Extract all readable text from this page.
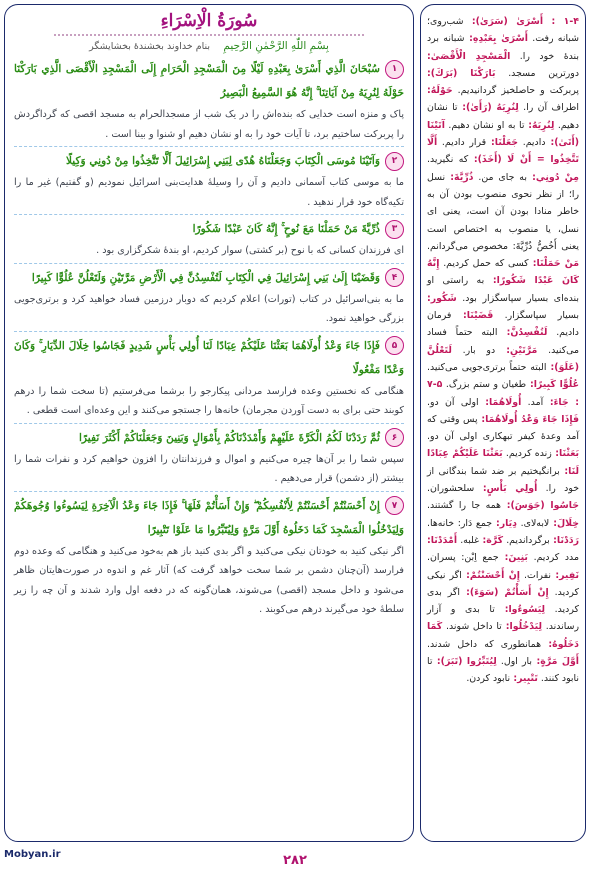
سُورَةُ الْاِسْرَاءِ
بِسْمِ اللّٰهِ الرَّحْمٰنِ الرَّحِيمِ بنام خداوند بخشندهٔ بخشایشگر
۱سُبْحَانَ الَّذِي أَسْرَىٰ بِعَبْدِهِ لَيْلًا مِنَ الْمَسْجِدِ الْحَرَامِ إِلَى الْمَسْجِدِ الْأَقْصَى الَّذِي بَارَكْنَا حَوْلَهُ لِنُرِيَهُ مِنْ آيَاتِنَا ۚ إِنَّهُ هُوَ السَّمِيعُ الْبَصِيرُ
پاک و منزه است خدایی که بنده‌اش را در یک شب از مسجدالحرام به مسجد اقصی که گرداگردش را پربرکت ساختیم برد، تا آیات خود را به او نشان دهیم او شنوا و بینا است .
۲وَآتَيْنَا مُوسَى الْكِتَابَ وَجَعَلْنَاهُ هُدًى لِبَنِي إِسْرَائِيلَ أَلَّا تَتَّخِذُوا مِنْ دُونِي وَكِيلًا
ما به موسی کتاب آسمانی دادیم و آن را وسیلهٔ هدایت‌بنی اسرائیل نمودیم (و گفتیم) غیر ما را تکیه‌گاه خود قرار ندهید .
۳ذُرِّيَّةَ مَنْ حَمَلْنَا مَعَ نُوحٍ ۚ إِنَّهُ كَانَ عَبْدًا شَكُورًا
ای فرزندان کسانی که با نوح (بر کشتی) سوار کردیم، او بندهٔ شکرگزاری بود .
۴وَقَضَيْنَا إِلَىٰ بَنِي إِسْرَائِيلَ فِي الْكِتَابِ لَتُفْسِدُنَّ فِي الْأَرْضِ مَرَّتَيْنِ وَلَتَعْلُنَّ عُلُوًّا كَبِيرًا
ما به بنی‌اسرائیل در کتاب (تورات) اعلام کردیم که دوبار درزمین فساد خواهید کرد و برتری‌جویی بزرگی خواهید نمود.
۵فَإِذَا جَاءَ وَعْدُ أُولَاهُمَا بَعَثْنَا عَلَيْكُمْ عِبَادًا لَنَا أُولِي بَأْسٍ شَدِيدٍ فَجَاسُوا خِلَالَ الدِّيَارِ ۚ وَكَانَ وَعْدًا مَفْعُولًا
هنگامی که نخستین وعده فرارسد مردانی پیکارجو را برشما می‌فرستیم (تا سخت شما را درهم کوبند حتی برای به دست آوردن مجرمان) خانه‌ها را جستجو می‌کنند و این وعده‌ای است قطعی .
۶ثُمَّ رَدَدْنَا لَكُمُ الْكَرَّةَ عَلَيْهِمْ وَأَمْدَدْنَاكُمْ بِأَمْوَالٍ وَبَنِينَ وَجَعَلْنَاكُمْ أَكْثَرَ نَفِيرًا
سپس شما را بر آن‌ها چیره می‌کنیم و اموال و فرزندانتان را افزون خواهیم کرد و نفرات شما را بیشتر (از دشمن) قرار می‌دهیم .
۷إِنْ أَحْسَنْتُمْ أَحْسَنْتُمْ لِأَنْفُسِكُمْ ۖ وَإِنْ أَسَأْتُمْ فَلَهَا ۚ فَإِذَا جَاءَ وَعْدُ الْآخِرَةِ لِيَسُوءُوا وُجُوهَكُمْ وَلِيَدْخُلُوا الْمَسْجِدَ كَمَا دَخَلُوهُ أَوَّلَ مَرَّةٍ وَلِيُتَبِّرُوا مَا عَلَوْا تَتْبِيرًا
اگر نیکی کنید به خودتان نیکی می‌کنید و اگر بدی کنید باز هم به‌خود می‌کنید و هنگامی که وعده دوم فرارسد (آن‌چنان دشمن بر شما سخت خواهد گرفت که) آثار غم و اندوه در صورت‌هایتان ظاهر می‌شود و داخل مسجد (اقصی) می‌شوند، همان‌گونه که در دفعه اول وارد شدند و آن چه را زیر سلطهٔ خود می‌گیرند درهم می‌کوبند .
۱-۴ : أَسْرَىٰ (سَرَىٰ): شب‌روی؛ شبانه رفت. أَسْرَىٰ بِعَبْدِهِ: شبانه برد بندهٔ خود را. الْمَسْجِدِ الْأَقْصَىٰ: دورترین مسجد. بَارَكْنَا (بَرَكَ): پربرکت و حاصلخیز گردانیدیم. حَوْلَهُ: اطراف آن را. لِنُرِيَهُ (رَأَىٰ): تا نشان دهیم. لِنُرِيَهُ: تا به او نشان دهیم. آتَيْنَا (أَتَىٰ): دادیم. جَعَلْنَا: قرار دادیم. أَلَّا تَتَّخِذُوا = أَنْ لَا (أَخَذَ): که نگیرید. مِنْ دُونِي: به جای من. ذُرِّيَّةَ: نسل را؛ از نظر نحوی منصوب بودن آن به خاطر منادا بودن آن است، یعنی ای نسل، یا منصوب به اختصاص است یعنی أَخُصُّ ذُرِّيَّةَ: مخصوص می‌گردانم. مَنْ حَمَلْنَا: کسی که حمل کردیم. إِنَّهُ كَانَ عَبْدًا شَكُورًا: به راستی او بنده‌ای بسیار سپاسگزار بود. شَكُور: بسیار سپاسگزار. قَضَيْنَا: فرمان دادیم. لَتُفْسِدُنَّ: البته حتماً فساد می‌کنید. مَرَّتَيْنِ: دو بار. لَتَعْلُنَّ (عَلَوَ): البته حتماً برتری‌جویی می‌کنید. عُلُوًّا كَبِيرًا: طغیان و ستم بزرگ. ۵-۷ : جَاءَ: آمد. أُولَاهُمَا: اولی آن دو. فَإِذَا جَاءَ وَعْدُ أُولَاهُمَا: پس وقتی که آمد وعدهٔ کیفر تبهکاری اولی آن دو. بَعَثْنَا: زنده کردیم. بَعَثْنَا عَلَيْكُمْ عِبَادًا لَنَا: برانگیختیم بر ضد شما بندگانی از خود را. أُولِي بَأْسٍ: سلحشوران. جَاسُوا (جَوَسَ): همه جا را گشتند. خِلَالَ: لابه‌لای. دِيَار: جمع دَار: خانه‌ها. رَدَدْنَا: برگرداندیم. كَرَّة: غلبه. أَمْدَدْنَا: مدد کردیم. بَنِينَ: جمع اِبْن: پسران. نَفِير: نفرات. إِنْ أَحْسَنْتُمْ: اگر نیکی کردید. إِنْ أَسَأْتُمْ (سَوَءَ): اگر بدی کردید. لِيَسُوءُوا: تا بدی و آزار رساندند. لِيَدْخُلُوا: تا داخل شوند. كَمَا دَخَلُوهُ: همانطوری که داخل شدند. أَوَّلَ مَرَّةٍ: بار اول. لِيُتَبِّرُوا (تَبَرَ): تا نابود کنند. تَتْبِير: نابود کردن.
Mobyan.ir	۲۸۲
